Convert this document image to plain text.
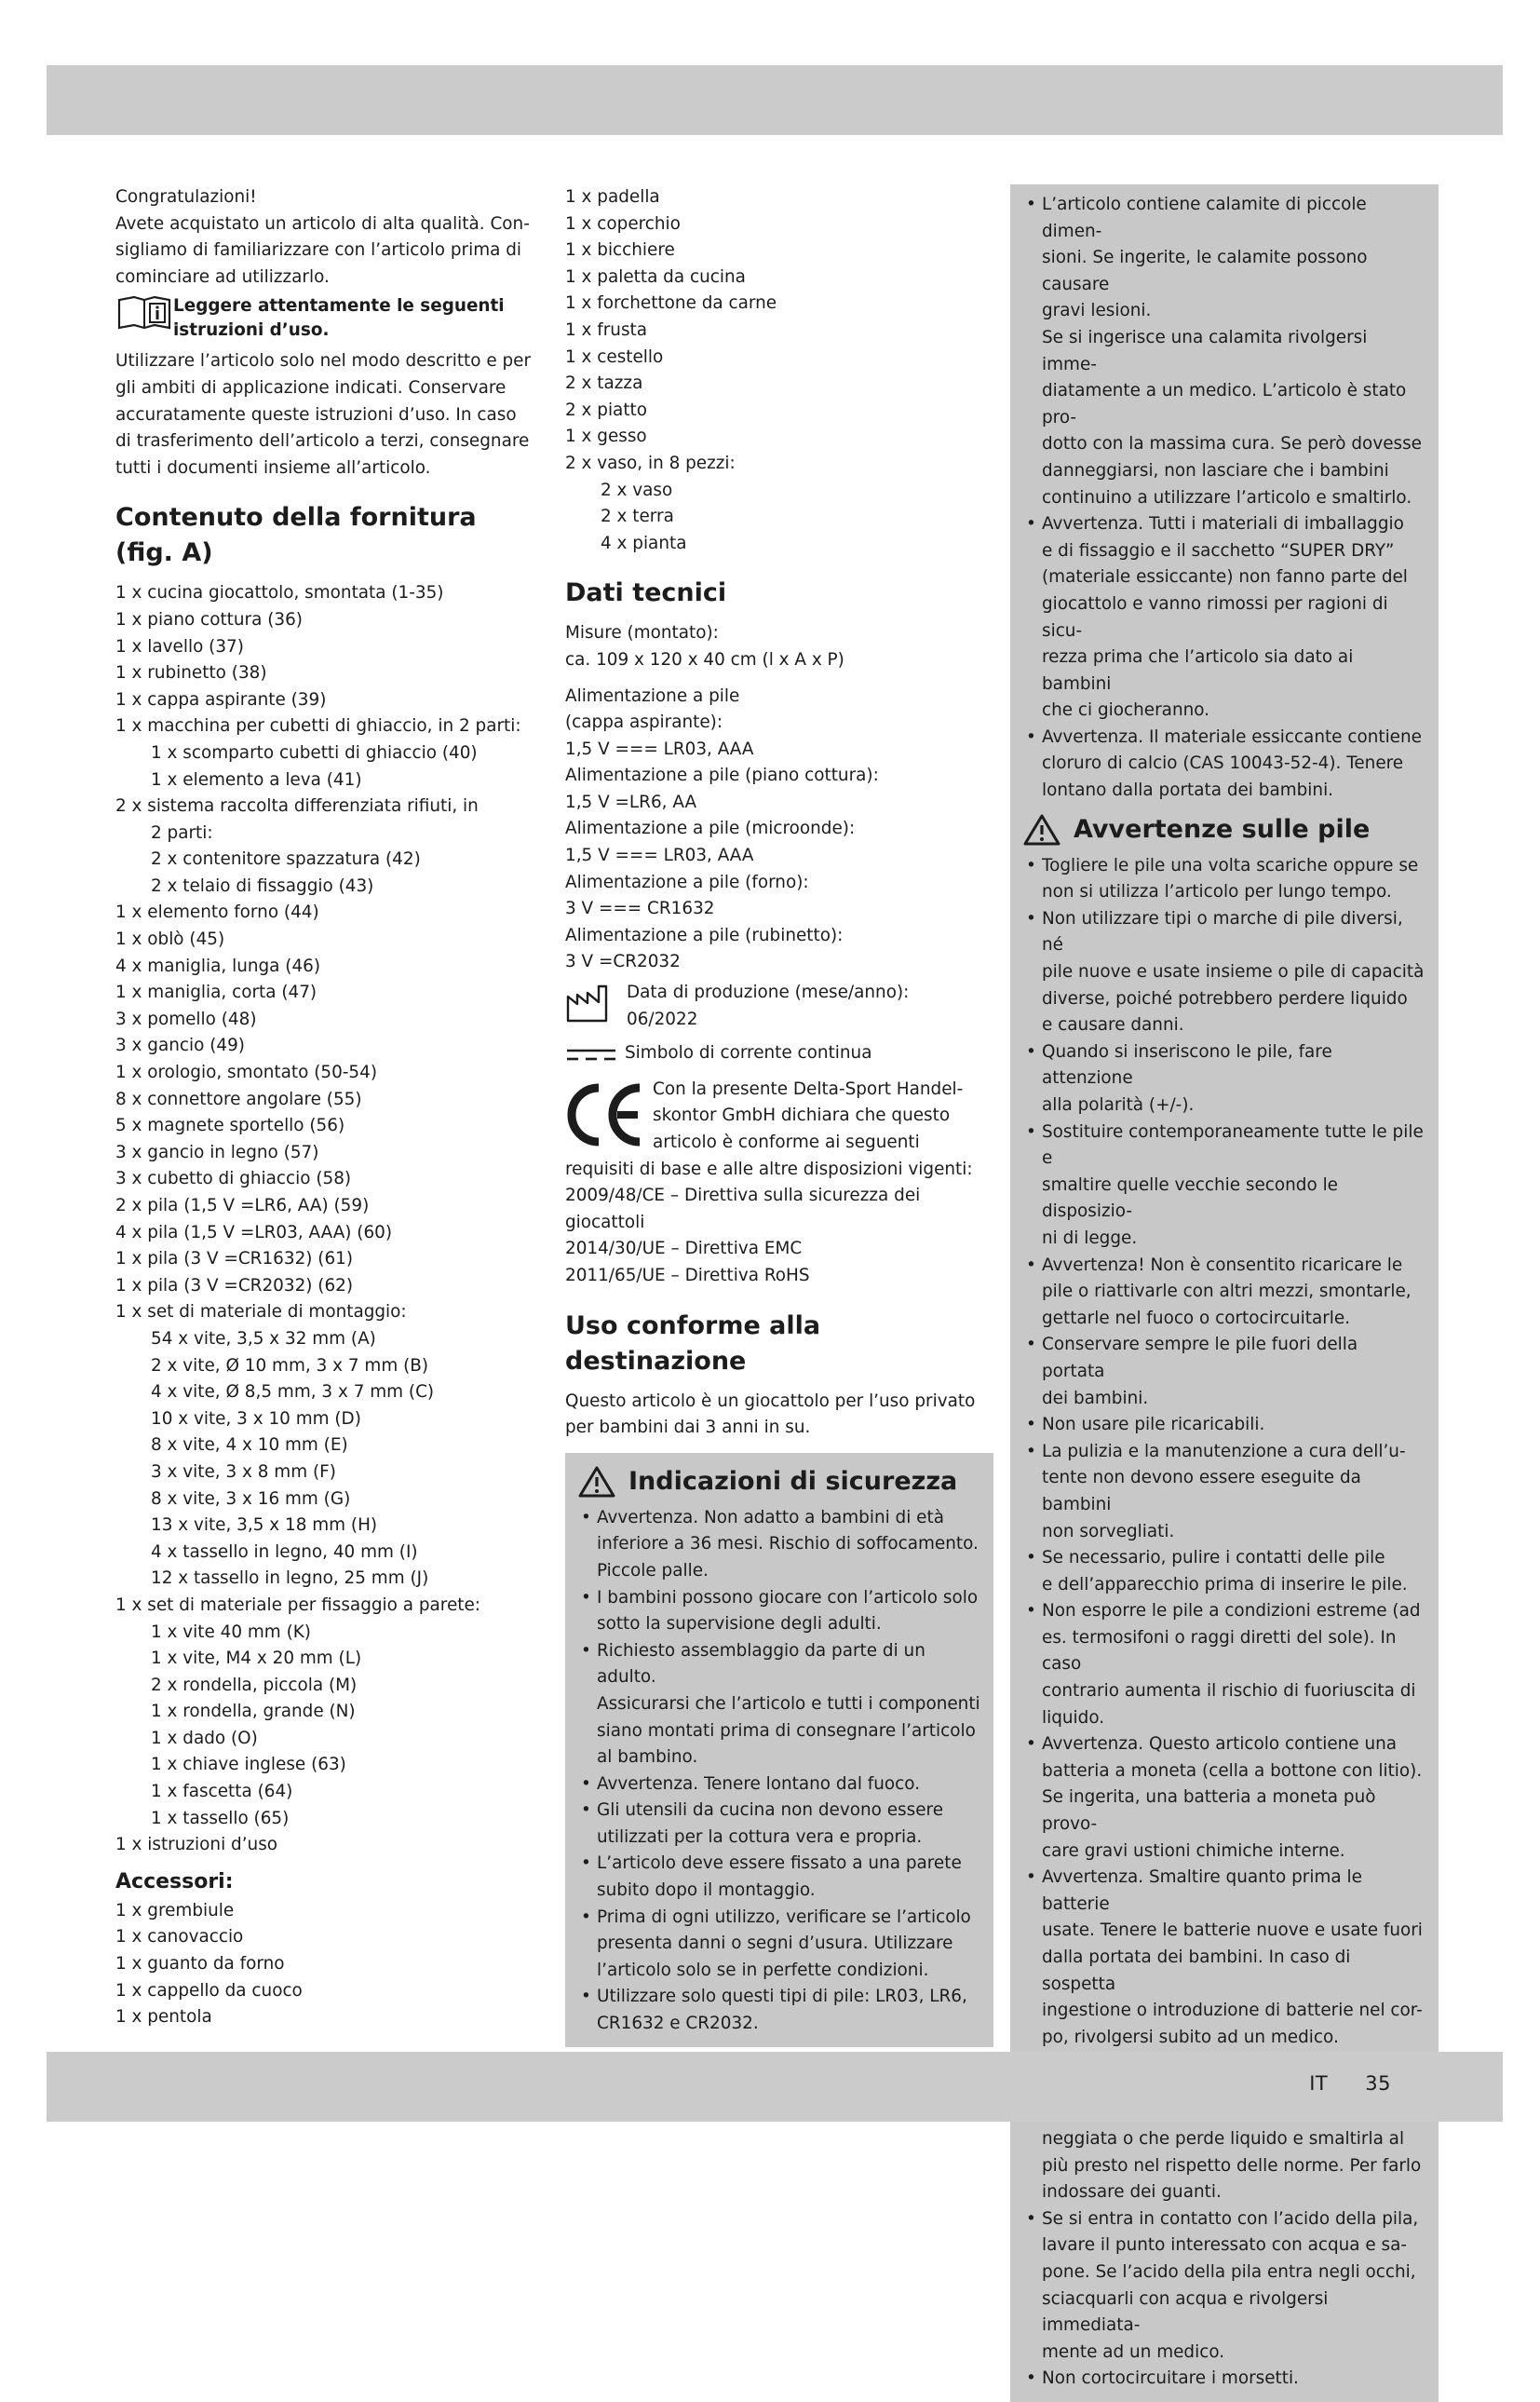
Congratulazioni!

Avete acquistato un articolo di alta qualità. Con-

sigliamo di familiarizzare con l’articolo prima di

cominciare ad utilizzarlo.

Leggere attentamente le seguenti

istruzioni d’uso.

Utilizzare l’articolo solo nel modo descritto e per

gli ambiti di applicazione indicati. Conservare

accuratamente queste istruzioni d’uso. In caso

di trasferimento dell’articolo a terzi, consegnare

tutti i documenti insieme all’articolo.

Contenuto della fornitura

(fig. A)

1 x cucina giocattolo, smontata (1-35)

1 x piano cottura (36)

1 x lavello (37)

1 x rubinetto (38)

1 x cappa aspirante (39)

1 x macchina per cubetti di ghiaccio, in 2 parti:

1 x scomparto cubetti di ghiaccio (40)

1 x elemento a leva (41)

2 x sistema raccolta differenziata rifiuti, in

2 parti:

2 x contenitore spazzatura (42)

2 x telaio di fissaggio (43)

1 x elemento forno (44)

1 x oblò (45)

4 x maniglia, lunga (46)

1 x maniglia, corta (47)

3 x pomello (48)

3 x gancio (49)

1 x orologio, smontato (50-54)

8 x connettore angolare (55)

5 x magnete sportello (56)

3 x gancio in legno (57)

3 x cubetto di ghiaccio (58)

2 x pila (1,5 V =LR6, AA) (59)

4 x pila (1,5 V =LR03, AAA) (60)

1 x pila (3 V =CR1632) (61)

1 x pila (3 V =CR2032) (62)

1 x set di materiale di montaggio:

54 x vite, 3,5 x 32 mm (A)

2 x vite, Ø 10 mm, 3 x 7 mm (B)

4 x vite, Ø 8,5 mm, 3 x 7 mm (C)

10 x vite, 3 x 10 mm (D)

8 x vite, 4 x 10 mm (E)

3 x vite, 3 x 8 mm (F)

8 x vite, 3 x 16 mm (G)

13 x vite, 3,5 x 18 mm (H)

4 x tassello in legno, 40 mm (I)

12 x tassello in legno, 25 mm (J)

1 x set di materiale per fissaggio a parete:

1 x vite 40 mm (K)

1 x vite, M4 x 20 mm (L)

2 x rondella, piccola (M)

1 x rondella, grande (N)

1 x dado (O)

1 x chiave inglese (63)

1 x fascetta (64)

1 x tassello (65)

1 x istruzioni d’uso

Accessori:

1 x grembiule

1 x canovaccio

1 x guanto da forno

1 x cappello da cuoco

1 x pentola

1 x padella

1 x coperchio

1 x bicchiere

1 x paletta da cucina

1 x forchettone da carne

1 x frusta

1 x cestello

2 x tazza

2 x piatto

1 x gesso

2 x vaso, in 8 pezzi:

2 x vaso

2 x terra

4 x pianta

Dati tecnici

Misure (montato):

ca. 109 x 120 x 40 cm (l x A x P)

Alimentazione a pile

(cappa aspirante):

1,5 V === LR03, AAA

Alimentazione a pile (piano cottura):

1,5 V =LR6, AA

Alimentazione a pile (microonde):

1,5 V === LR03, AAA

Alimentazione a pile (forno):

3 V === CR1632

Alimentazione a pile (rubinetto):

3 V =CR2032

Data di produzione (mese/anno):

06/2022

Simbolo di corrente continua

Con la presente Delta-Sport Handel-

skontor GmbH dichiara che questo

articolo è conforme ai seguenti

requisiti di base e alle altre disposizioni vigenti:

2009/48/CE – Direttiva sulla sicurezza dei

giocattoli

2014/30/UE – Direttiva EMC

2011/65/UE – Direttiva RoHS

Uso conforme alla

destinazione

Questo articolo è un giocattolo per l’uso privato

per bambini dai 3 anni in su.

Indicazioni di sicurezza
• Avvertenza. Non adatto a bambini di età
inferiore a 36 mesi. Rischio di soffocamento.
Piccole palle.
• I bambini possono giocare con l’articolo solo
sotto la supervisione degli adulti.
• Richiesto assemblaggio da parte di un adulto.
Assicurarsi che l’articolo e tutti i componenti
siano montati prima di consegnare l’articolo
al bambino.
• Avvertenza. Tenere lontano dal fuoco.
• Gli utensili da cucina non devono essere
utilizzati per la cottura vera e propria.
• L’articolo deve essere fissato a una parete
subito dopo il montaggio.
• Prima di ogni utilizzo, verificare se l’articolo
presenta danni o segni d’usura. Utilizzare
l’articolo solo se in perfette condizioni.
• Utilizzare solo questi tipi di pile: LR03, LR6,
CR1632 e CR2032.
• L’articolo contiene calamite di piccole dimen-
sioni. Se ingerite, le calamite possono causare
gravi lesioni.
Se si ingerisce una calamita rivolgersi imme-
diatamente a un medico. L’articolo è stato pro-
dotto con la massima cura. Se però dovesse
danneggiarsi, non lasciare che i bambini
continuino a utilizzare l’articolo e smaltirlo.
• Avvertenza. Tutti i materiali di imballaggio
e di fissaggio e il sacchetto “SUPER DRY”
(materiale essiccante) non fanno parte del
giocattolo e vanno rimossi per ragioni di sicu-
rezza prima che l’articolo sia dato ai bambini
che ci giocheranno.
• Avvertenza. Il materiale essiccante contiene
cloruro di calcio (CAS 10043-52-4). Tenere
lontano dalla portata dei bambini.
Avvertenze sulle pile
• Togliere le pile una volta scariche oppure se
non si utilizza l’articolo per lungo tempo.
• Non utilizzare tipi o marche di pile diversi, né
pile nuove e usate insieme o pile di capacità
diverse, poiché potrebbero perdere liquido
e causare danni.
• Quando si inseriscono le pile, fare attenzione
alla polarità (+/-).
• Sostituire contemporaneamente tutte le pile e
smaltire quelle vecchie secondo le disposizio-
ni di legge.
• Avvertenza! Non è consentito ricaricare le
pile o riattivarle con altri mezzi, smontarle,
gettarle nel fuoco o cortocircuitarle.
• Conservare sempre le pile fuori della portata
dei bambini.
• Non usare pile ricaricabili.
• La pulizia e la manutenzione a cura dell’u-
tente non devono essere eseguite da bambini
non sorvegliati.
• Se necessario, pulire i contatti delle pile
e dell’apparecchio prima di inserire le pile.
• Non esporre le pile a condizioni estreme (ad
es. termosifoni o raggi diretti del sole). In caso
contrario aumenta il rischio di fuoriuscita di
liquido.
• Avvertenza. Questo articolo contiene una
batteria a moneta (cella a bottone con litio).
Se ingerita, una batteria a moneta può provo-
care gravi ustioni chimiche interne.
• Avvertenza. Smaltire quanto prima le batterie
usate. Tenere le batterie nuove e usate fuori
dalla portata dei bambini. In caso di sospetta
ingestione o introduzione di batterie nel cor-
po, rivolgersi subito ad un medico.
• neggiata o che perde liquido e smaltirla al
più presto nel rispetto delle norme. Per farlo
indossare dei guanti.
• Se si entra in contatto con l’acido della pila,
lavare il punto interessato con acqua e sa-
pone. Se l’acido della pila entra negli occhi,
sciacquarli con acqua e rivolgersi immediata-
mente ad un medico.
• Non cortocircuitare i morsetti.
IT 35
